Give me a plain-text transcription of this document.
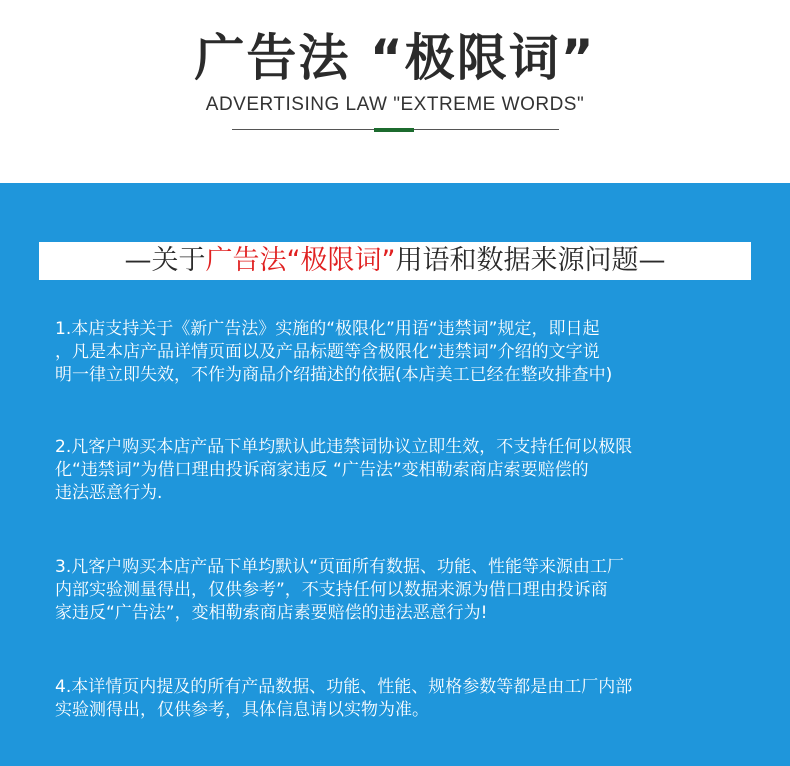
广告法 “极限词”
ADVERTISING LAW "EXTREME WORDS"
—关于广告法“极限词”用语和数据来源问题—
1.本店支持关于《新广告法》实施的“极限化”用语“违禁词”规定，即日起
，凡是本店产品详情页面以及产品标题等含极限化“违禁词”介绍的文字说
明一律立即失效，不作为商品介绍描述的依据(本店美工已经在整改排查中)
2.凡客户购买本店产品下单均默认此违禁词协议立即生效，不支持任何以极限
化“违禁词”为借口理由投诉商家违反 “广告法”变相勒索商店索要赔偿的
违法恶意行为.
3.凡客户购买本店产品下单均默认“页面所有数据、功能、性能等来源由工厂
内部实验测量得出，仅供参考”，不支持任何以数据来源为借口理由投诉商
家违反“广告法”，变相勒索商店素要赔偿的违法恶意行为!
4.本详情页内提及的所有产品数据、功能、性能、规格参数等都是由工厂内部
实验测得出，仅供参考，具体信息请以实物为准。
